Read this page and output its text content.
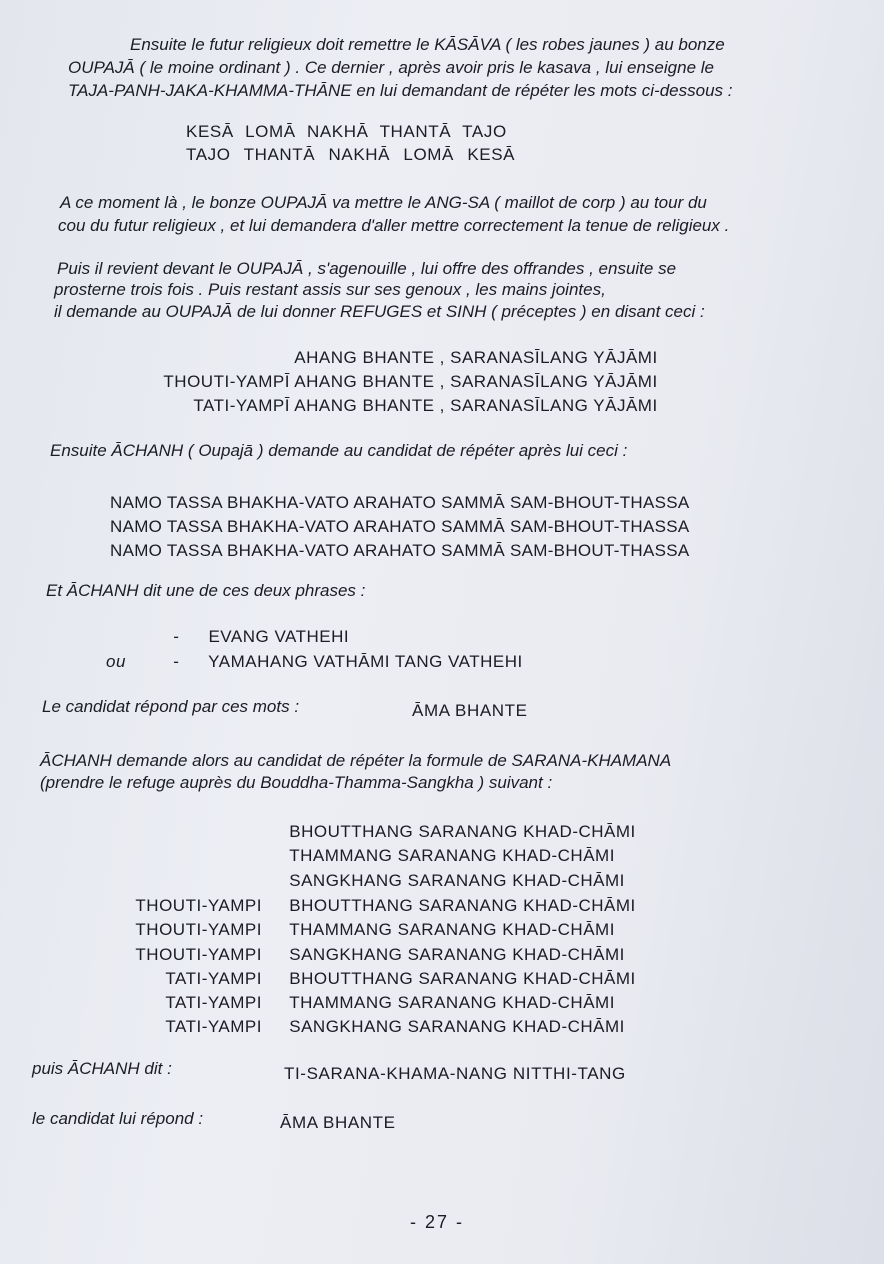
Ensuite le futur religieux doit remettre le KĀSĀVA ( les robes jaunes ) au bonze
OUPAJĀ ( le moine ordinant ) . Ce dernier , après avoir pris le kasava , lui enseigne le
TAJA-PANH-JAKA-KHAMMA-THĀNE en lui demandant de répéter les mots ci-dessous :
KESĀ LOMĀ NAKHĀ THANTĀ TAJO
TAJO THANTĀ NAKHĀ LOMĀ KESĀ
A ce moment là , le bonze OUPAJĀ va mettre le ANG-SA ( maillot de corp ) au tour du
cou du futur religieux , et lui demandera d'aller mettre correctement la tenue de religieux .
Puis il revient devant le OUPAJĀ , s'agenouille , lui offre des offrandes , ensuite se
prosterne trois fois . Puis restant assis sur ses genoux , les mains jointes,
il demande au OUPAJĀ de lui donner REFUGES et SINH ( préceptes ) en disant ceci :
AHANG BHANTE , SARANASĪLANG YĀJĀMI
THOUTI-YAMPĪ AHANG BHANTE , SARANASĪLANG YĀJĀMI
TATI-YAMPĪ AHANG BHANTE , SARANASĪLANG YĀJĀMI
Ensuite ĀCHANH ( Oupajā ) demande au candidat de répéter après lui ceci :
NAMO TASSA BHAKHA-VATO ARAHATO SAMMĀ SAM-BHOUT-THASSA
NAMO TASSA BHAKHA-VATO ARAHATO SAMMĀ SAM-BHOUT-THASSA
NAMO TASSA BHAKHA-VATO ARAHATO SAMMĀ SAM-BHOUT-THASSA
Et ĀCHANH dit une de ces deux phrases :
- EVANG VATHEHI
ou	- YAMAHANG VATHĀMI TANG VATHEHI
Le candidat répond par ces mots :	ĀMA BHANTE
ĀCHANH demande alors au candidat de répéter la formule de SARANA-KHAMANA
(prendre le refuge auprès du Bouddha-Thamma-Sangkha ) suivant :
BHOUTTHANG SARANANG KHAD-CHĀMI
THAMMANG SARANANG KHAD-CHĀMI
SANGKHANG SARANANG KHAD-CHĀMI
THOUTI-YAMPI BHOUTTHANG SARANANG KHAD-CHĀMI
THOUTI-YAMPI THAMMANG SARANANG KHAD-CHĀMI
THOUTI-YAMPI SANGKHANG SARANANG KHAD-CHĀMI
TATI-YAMPI BHOUTTHANG SARANANG KHAD-CHĀMI
TATI-YAMPI THAMMANG SARANANG KHAD-CHĀMI
TATI-YAMPI SANGKHANG SARANANG KHAD-CHĀMI
puis ĀCHANH dit :	TI-SARANA-KHAMA-NANG NITTHI-TANG
le candidat lui répond :	ĀMA BHANTE
- 27 -
